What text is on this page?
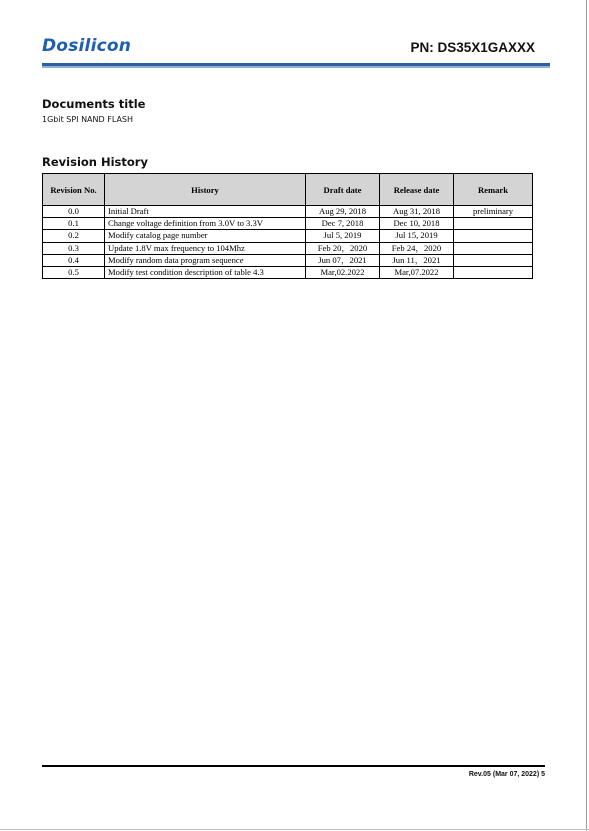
Dosilicon	PN: DS35X1GAXXX
Documents title
1Gbit SPI NAND FLASH
Revision History
Revision No.	History	Draft date	Release date	Remark
0.0	Initial Draft	Aug 29, 2018	Aug 31, 2018	preliminary
0.1	Change voltage definition from 3.0V to 3.3V	Dec 7, 2018	Dec 10, 2018	
0.2	Modify catalog page number	Jul 5, 2019	Jul 15, 2019	
0.3	Update 1.8V max frequency to 104Mhz	Feb 20，2020	Feb 24，2020	
0.4	Modify random data program sequence	Jun 07，2021	Jun 11，2021	
0.5	Modify test condition description of table 4.3	Mar,02.2022	Mar,07.2022	
Rev.05 (Mar 07, 2022) 5
